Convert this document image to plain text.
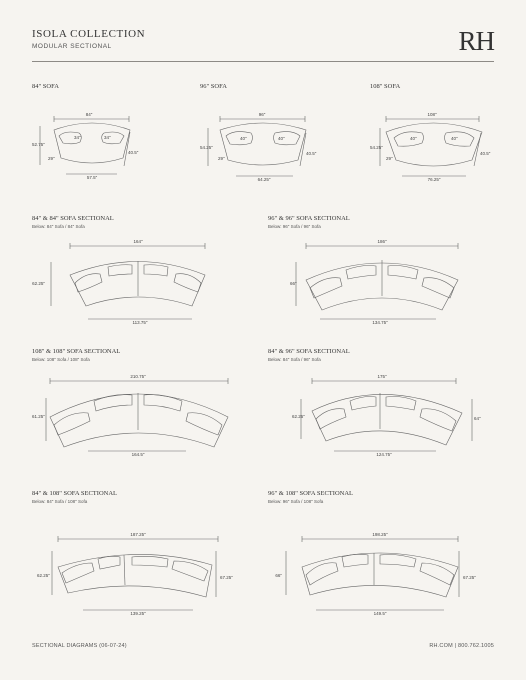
ISOLA COLLECTION
MODULAR SECTIONAL	RH
84" SOFA
84"
52.75"
34"	34"
29"
40.5"
57.5"
96" SOFA
96"
54.25"
40"	40"
29"
40.5"
64.25"
108" SOFA
108"
54.25"
40"	40"
29"
40.5"
76.25"
84" & 84" SOFA SECTIONAL
Below: 84" Sofa / 84" Sofa
164"
62.25"
113.75"
96" & 96" SOFA SECTIONAL
Below: 96" Sofa / 96" Sofa
186"
66"
134.75"
108" & 108" SOFA SECTIONAL
Below: 108" Sofa / 108" Sofa
210.75"
61.25"
164.5"
84" & 96" SOFA SECTIONAL
Below: 84" Sofa / 96" Sofa
175"
62.25"	64"
124.75"
84" & 108" SOFA SECTIONAL
Below: 84" Sofa / 108" Sofa
187.25"
62.25"	67.25"
139.25"
96" & 108" SOFA SECTIONAL
Below: 96" Sofa / 108" Sofa
198.25"
66"	67.25"
149.5"
SECTIONAL DIAGRAMS (06-07-24)	RH.COM | 800.762.1005
